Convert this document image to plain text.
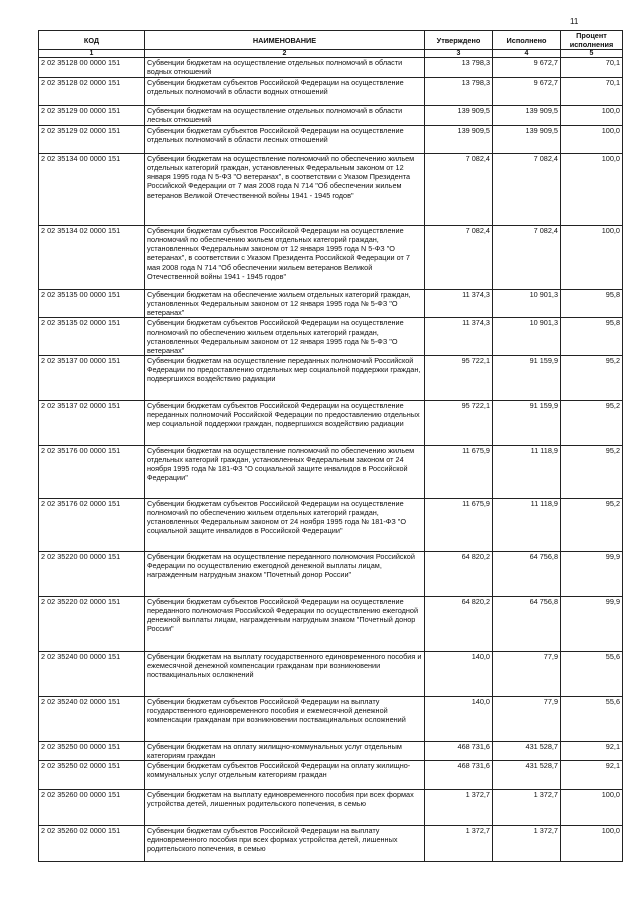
11
КОД	НАИМЕНОВАНИЕ	Утверждено	Исполнено	Процент исполнения
1	2	3	4	5
2 02 35128 00 0000 151	Субвенции бюджетам на осуществление отдельных полномочий в области водных отношений	13 798,3	9 672,7	70,1
2 02 35128 02 0000 151	Субвенции бюджетам субъектов Российской Федерации на осуществление отдельных полномочий в области водных отношений	13 798,3	9 672,7	70,1
2 02 35129 00 0000 151	Субвенции бюджетам на осуществление отдельных полномочий в области лесных отношений	139 909,5	139 909,5	100,0
2 02 35129 02 0000 151	Субвенции бюджетам субъектов Российской Федерации на осуществление отдельных полномочий в области лесных отношений	139 909,5	139 909,5	100,0
2 02 35134 00 0000 151	Субвенции бюджетам на осуществление полномочий по обеспечению жильем отдельных категорий граждан, установленных Федеральным законом от 12 января 1995 года N 5-ФЗ "О ветеранах", в соответствии с Указом Президента Российской Федерации от 7 мая 2008 года N 714 "Об обеспечении жильем ветеранов Великой Отечественной войны 1941 - 1945 годов"	7 082,4	7 082,4	100,0
2 02 35134 02 0000 151	Субвенции бюджетам субъектов Российской Федерации на осуществление полномочий по обеспечению жильем отдельных категорий граждан, установленных Федеральным законом от 12 января 1995 года N 5-ФЗ "О ветеранах", в соответствии с Указом Президента Российской Федерации от 7 мая 2008 года N 714 "Об обеспечении жильем ветеранов Великой Отечественной войны 1941 - 1945 годов"	7 082,4	7 082,4	100,0
2 02 35135 00 0000 151	Субвенции бюджетам на обеспечение жильем отдельных категорий граждан, установленных Федеральным законом от 12 января 1995 года № 5-ФЗ "О ветеранах"	11 374,3	10 901,3	95,8
2 02 35135 02 0000 151	Субвенции бюджетам субъектов Российской Федерации на осуществление полномочий по обеспечению жильем отдельных категорий граждан, установленных Федеральным законом от 12 января 1995 года № 5-ФЗ "О ветеранах"	11 374,3	10 901,3	95,8
2 02 35137 00 0000 151	Субвенции бюджетам на осуществление переданных полномочий Российской Федерации по предоставлению отдельных мер социальной поддержки граждан, подвергшихся воздействию радиации	95 722,1	91 159,9	95,2
2 02 35137 02 0000 151	Субвенции бюджетам субъектов Российской Федерации на осуществление переданных полномочий Российской Федерации по предоставлению отдельных мер социальной поддержки граждан, подвергшихся воздействию радиации	95 722,1	91 159,9	95,2
2 02 35176 00 0000 151	Субвенции бюджетам на осуществление полномочий по обеспечению жильем отдельных категорий граждан, установленных Федеральным законом от 24 ноября 1995 года № 181-ФЗ "О социальной защите инвалидов в Российской Федерации"	11 675,9	11 118,9	95,2
2 02 35176 02 0000 151	Субвенции бюджетам субъектов Российской Федерации на осуществление полномочий по обеспечению жильем отдельных категорий граждан, установленных Федеральным законом от 24 ноября 1995 года № 181-ФЗ "О социальной защите инвалидов в Российской Федерации"	11 675,9	11 118,9	95,2
2 02 35220 00 0000 151	Субвенции бюджетам на осуществление переданного полномочия Российской Федерации по осуществлению ежегодной денежной выплаты лицам, награжденным нагрудным знаком "Почетный донор России"	64 820,2	64 756,8	99,9
2 02 35220 02 0000 151	Субвенции бюджетам субъектов Российской Федерации на осуществление переданного полномочия Российской Федерации по осуществлению ежегодной денежной выплаты лицам, награжденным нагрудным знаком "Почетный донор России"	64 820,2	64 756,8	99,9
2 02 35240 00 0000 151	Субвенции бюджетам на выплату государственного единовременного пособия и ежемесячной денежной компенсации гражданам при возникновении поствакцинальных осложнений	140,0	77,9	55,6
2 02 35240 02 0000 151	Субвенции бюджетам субъектов Российской Федерации на выплату государственного единовременного пособия и ежемесячной денежной компенсации гражданам при возникновении поствакцинальных осложнений	140,0	77,9	55,6
2 02 35250 00 0000 151	Субвенции бюджетам на оплату жилищно-коммунальных услуг отдельным категориям граждан	468 731,6	431 528,7	92,1
2 02 35250 02 0000 151	Субвенции бюджетам субъектов Российской Федерации на оплату жилищно-коммунальных услуг отдельным категориям граждан	468 731,6	431 528,7	92,1
2 02 35260 00 0000 151	Субвенции бюджетам на выплату единовременного пособия при всех формах устройства детей, лишенных родительского попечения, в семью	1 372,7	1 372,7	100,0
2 02 35260 02 0000 151	Субвенции бюджетам субъектов Российской Федерации на выплату единовременного пособия при всех формах устройства детей, лишенных родительского попечения, в семью	1 372,7	1 372,7	100,0
